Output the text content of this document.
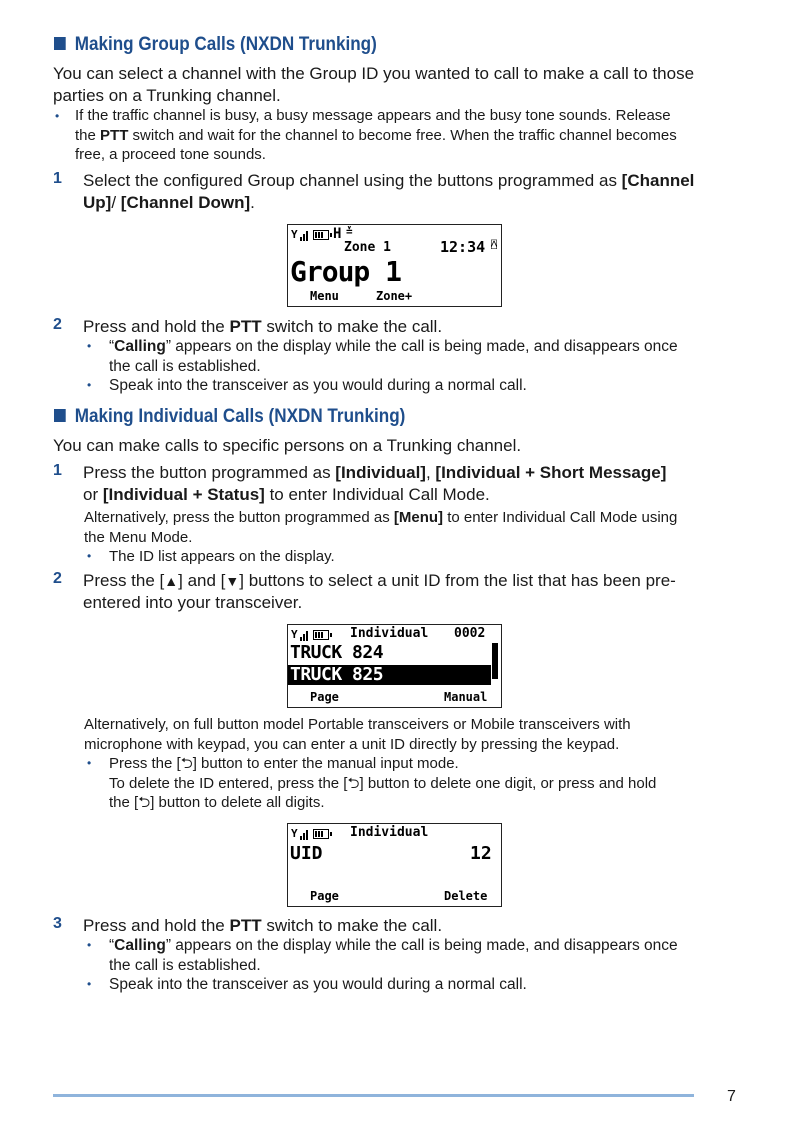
Making Group Calls (NXDN Trunking)
You can select a channel with the Group ID you wanted to call to make a call to those
parties on a Trunking channel.
• If the traffic channel is busy, a busy message appears and the busy tone sounds. Release
the PTT switch and wait for the channel to become free. When the traffic channel becomes
free, a proceed tone sounds.
1 Select the configured Group channel using the buttons programmed as [Channel
Up]/ [Channel Down].
Y	H ≚
Zone 1	12:34 ⍓
Group 1
Menu	Zone+
2 Press and hold the PTT switch to make the call.
• “Calling” appears on the display while the call is being made, and disappears once
the call is established.
• Speak into the transceiver as you would during a normal call.
Making Individual Calls (NXDN Trunking)
You can make calls to specific persons on a Trunking channel.
1 Press the button programmed as [Individual], [Individual + Short Message]
or [Individual + Status] to enter Individual Call Mode.
Alternatively, press the button programmed as [Menu] to enter Individual Call Mode using
the Menu Mode.
• The ID list appears on the display.
2 Press the [▲] and [▼] buttons to select a unit ID from the list that has been pre-
entered into your transceiver.
Y	Individual 0002
TRUCK 824
TRUCK 825
Page	Manual
Alternatively, on full button model Portable transceivers or Mobile transceivers with
microphone with keypad, you can enter a unit ID directly by pressing the keypad.
• Press the [⮌] button to enter the manual input mode.
To delete the ID entered, press the [⮌] button to delete one digit, or press and hold
the [⮌] button to delete all digits.
Y	Individual
UID	12
Page	Delete
3 Press and hold the PTT switch to make the call.
• “Calling” appears on the display while the call is being made, and disappears once
the call is established.
• Speak into the transceiver as you would during a normal call.
7
